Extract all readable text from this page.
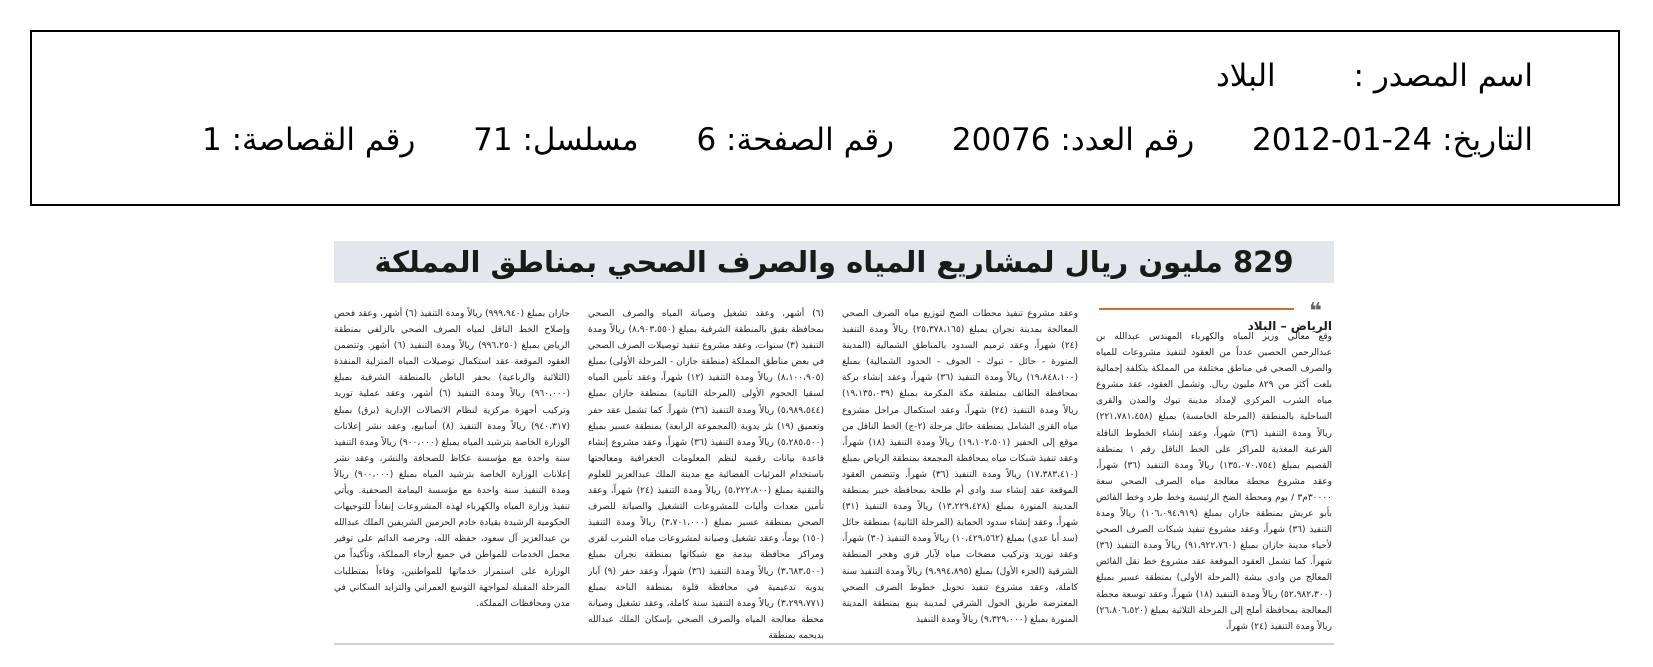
اسم المصدر : البلاد
التاريخ: 2012-01-24 رقم العدد: 20076 رقم الصفحة: 6 مسلسل: 71 رقم القصاصة: 1
829 مليون ريال لمشاريع المياه والصرف الصحي بمناطق المملكة
❝
الرياض – البلاد
وقع معالي وزير المياه والكهرباء المهندس عبدالله بن عبدالرحمن الحصين عدداً من العقود لتنفيذ مشروعات للمياه والصرف الصحي في مناطق مختلفة من المملكة بتكلفة إجمالية بلغت أكثر من ٨٢٩ مليون ريال. وتشمل العقود، عقد مشروع مياه الشرب المركزي لإمداد مدينة تبوك والمدن والقرى الساحلية بالمنطقة (المرحلة الخامسة) بمبلغ (٢٢١،٧٨١،٤٥٨) ريالاً ومدة التنفيذ (٣٦) شهراً، وعقد إنشاء الخطوط الناقلة الفرعية المغذية للمراكز على الخط الناقل رقم ١ بمنطقة القصيم بمبلغ (١٣٥،٠٧٠،٧٥٤) ريالاً ومدة التنفيذ (٣٦) شهراً، وعقد مشروع محطة معالجة مياه الصرف الصحي سعة ٣٠٠٠٠م٣ / يوم ومحطة الضخ الرئيسية وخط طرد وخط الفائض بأبو عريش بمنطقة جازان بمبلغ (١٠٦،٠٩٤،٩١٩) ريالاً ومدة التنفيذ (٣٦) شهراً، وعقد مشروع تنفيذ شبكات الصرف الصحي لأحياء مدينة جازان بمبلغ (٩١،٩٢٢،٧٦٠) ريالاً ومدة التنفيذ (٣٦) شهراً. كما تشمل العقود الموقعة عقد مشروع خط نقل الفائض المعالج من وادي بيشة (المرحلة الأولى) بمنطقة عسير بمبلغ (٥٢،٩٨٢،٣٠٠) ريالاً ومدة التنفيذ (١٨) شهراً، وعقد توسعة محطة المعالجة بمحافظة أملج إلى المرحلة الثلاثية بمبلغ (٢٦،٨٠٦،٥٢٠) ريالاً ومدة التنفيذ (٢٤) شهراً،
وعقد مشروع تنفيذ محطات الضخ لتوزيع مياه الصرف الصحي المعالجة بمدينة نجران بمبلغ (٢٥،٣٧٨،١٦٥) ريالاً ومدة التنفيذ (٢٤) شهراً، وعقد ترميم السدود بالمناطق الشمالية (المدينة المنورة - حائل - تبوك - الجوف - الحدود الشمالية) بمبلغ (١٩،٨٤٨،١٠٠) ريالاً ومدة التنفيذ (٣٦) شهراً، وعقد إنشاء بركة بمحافظة الطائف بمنطقة مكة المكرمة بمبلغ (١٩،١٣٥،٠٣٩) ريالاً ومدة التنفيذ (٢٤) شهراً، وعقد استكمال مراحل مشروع مياه القرى الشامل بمنطقة حائل مرحلة (٢-ج) الخط الناقل من موقع إلى الحفير (١٩،١٠٢،٥٠١) ريالاً ومدة التنفيذ (١٨) شهراً، وعقد تنفيذ شبكات مياه بمحافظة المجمعة بمنطقة الرياض بمبلغ (١٧،٣٨٣،٤١٠) ريالاً ومدة التنفيذ (٣٦) شهراً. وتتضمن العقود الموقعة عقد إنشاء سد وادي أم طلحة بمحافظة خيبر بمنطقة المدينة المنورة بمبلغ (١٣،٢٢٩،٤٢٨) ريالاً ومدة التنفيذ (٣١) شهراً، وعقد إنشاء سدود الحماية (المرحلة الثانية) بمنطقة حائل (سد أبا عدي) بمبلغ (١٠،٤٢٩،٥٦٢) ريالاً ومدة التنفيذ (٣٠) شهراً، وعقد توريد وتركيب مضخات مياه لآبار قرى وهجر المنطقة الشرقية (الجزء الأول) بمبلغ (٩،٩٩٤،٨٩٥) ريالاً ومدة التنفيذ سنة كاملة، وعقد مشروع تنفيذ تحويل خطوط الصرف الصحي المعترضة طريق الحول الشرقي لمدينة ينبع بمنطقة المدينة المنورة بمبلغ (٩،٣٢٩،٠٠٠) ريالاً ومدة التنفيذ
(٦) أشهر، وعقد تشغيل وصيانة المياه والصرف الصحي بمحافظة بقيق بالمنطقة الشرقية بمبلغ (٨،٩٠٣،٥٥٠) ريالاً ومدة التنفيذ (٣) سنوات، وعقد مشروع تنفيذ توصيلات الصرف الصحي في بعض مناطق المملكة (منطقة جازان - المرحلة الأولى) بمبلغ (٨،١٠٠،٩٠٥) ريالاً ومدة التنفيذ (١٢) شهراً، وعقد تأمين المياه لسقيا الحجوم الأولى (المرحلة الثانية) بمنطقة جازان بمبلغ (٥،٩٨٩،٥٤٤) ريالاً ومدة التنفيذ (٣٦) شهراً. كما تشمل عقد حفر وتعميق (١٩) بئر يدوية (المجموعة الرابعة) بمنطقة عسير بمبلغ (٥،٢٨٥،٥٠٠) ريالاً ومدة التنفيذ (٣٦) شهراً، وعقد مشروع إنشاء قاعدة بيانات رقمية لنظم المعلومات الجغرافية ومعالجتها باستخدام المرئيات الفضائية مع مدينة الملك عبدالعزيز للعلوم والتقنية بمبلغ (٥،٢٢٢،٨٠٠) ريالاً ومدة التنفيذ (٢٤) شهراً، وعقد تأمين معدات وأليات للمشروعات التشغيل والصيانة للصرف الصحي بمنطقة عسير بمبلغ (٣،٧٠١،٠٠٠) ريالاً ومدة التنفيذ (١٥٠) يوماً، وعقد تشغيل وصيانة لمشروعات مياه الشرب لقرى ومراكز محافظة بيدمة مع شبكاتها بمنطقة نجران بمبلغ (٣،٦٨٣،٥٠٠) ريالاً ومدة التنفيذ (٣٦) شهراً، وعقد حفر (٩) آبار يدوية تدعيمية في محافظة قلوة بمنطقة الباحة بمبلغ (٣،٢٩٩،٧٧١) ريالاً ومدة التنفيذ سنة كاملة، وعقد تشغيل وصيانة محطة معالجة المياه والصرف الصحي بإسكان الملك عبدالله بديحمه بمنطقة
جازان بمبلغ (٩٩٩،٩٤٠) ريالاً ومدة التنفيذ (٦) أشهر، وعقد فحص وإصلاح الخط الناقل لمياه الصرف الصحي بالزلفي بمنطقة الرياض بمبلغ (٩٩٦،٢٥٠) ريالاً ومدة التنفيذ (٦) أشهر. وتتضمن العقود الموقعة عقد استكمال توصيلات المياه المنزلية المنفذة (الثلاثية والرباعية) بحفر الباطن بالمنطقة الشرقية بمبلغ (٩٦٠،٠٠٠) ريالاً ومدة التنفيذ (٦) أشهر، وعقد عملية توريد وتركيب أجهزة مركزية لنظام الاتصالات الإدارية (برق) بمبلغ (٩٤٠،٣١٧) ريالاً ومدة التنفيذ (٨) أسابيع، وعقد نشر إعلانات الوزارة الخاصة بترشيد المياه بمبلغ (٩٠٠،٠٠٠) ريالاً ومدة التنفيذ سنة واحدة مع مؤسسة عكاظ للصحافة والنشر، وعقد نشر إعلانات الوزارة الخاصة بترشيد المياه بمبلغ (٩٠٠،٠٠٠) ريالاً ومدة التنفيذ سنة واحدة مع مؤسسة اليمامة الصحفية. ويأتي تنفيذ وزارة المياه والكهرباء لهذه المشروعات إنفاذاً للتوجيهات الحكومية الرشيدة بقيادة خادم الحرمين الشريفين الملك عبدالله بن عبدالعزيز آل سعود، حفظه الله، وحرصه الدائم على توفير مجمل الخدمات للمواطن في جميع أرجاء المملكة، وتأكيداً من الوزارة على استمرار خدماتها للمواطنين، وفاءاً بمتطلبات المرحلة المقبلة لمواجهة التوسع العمراني والتزايد السكاني في مدن ومحافظات المملكة.
